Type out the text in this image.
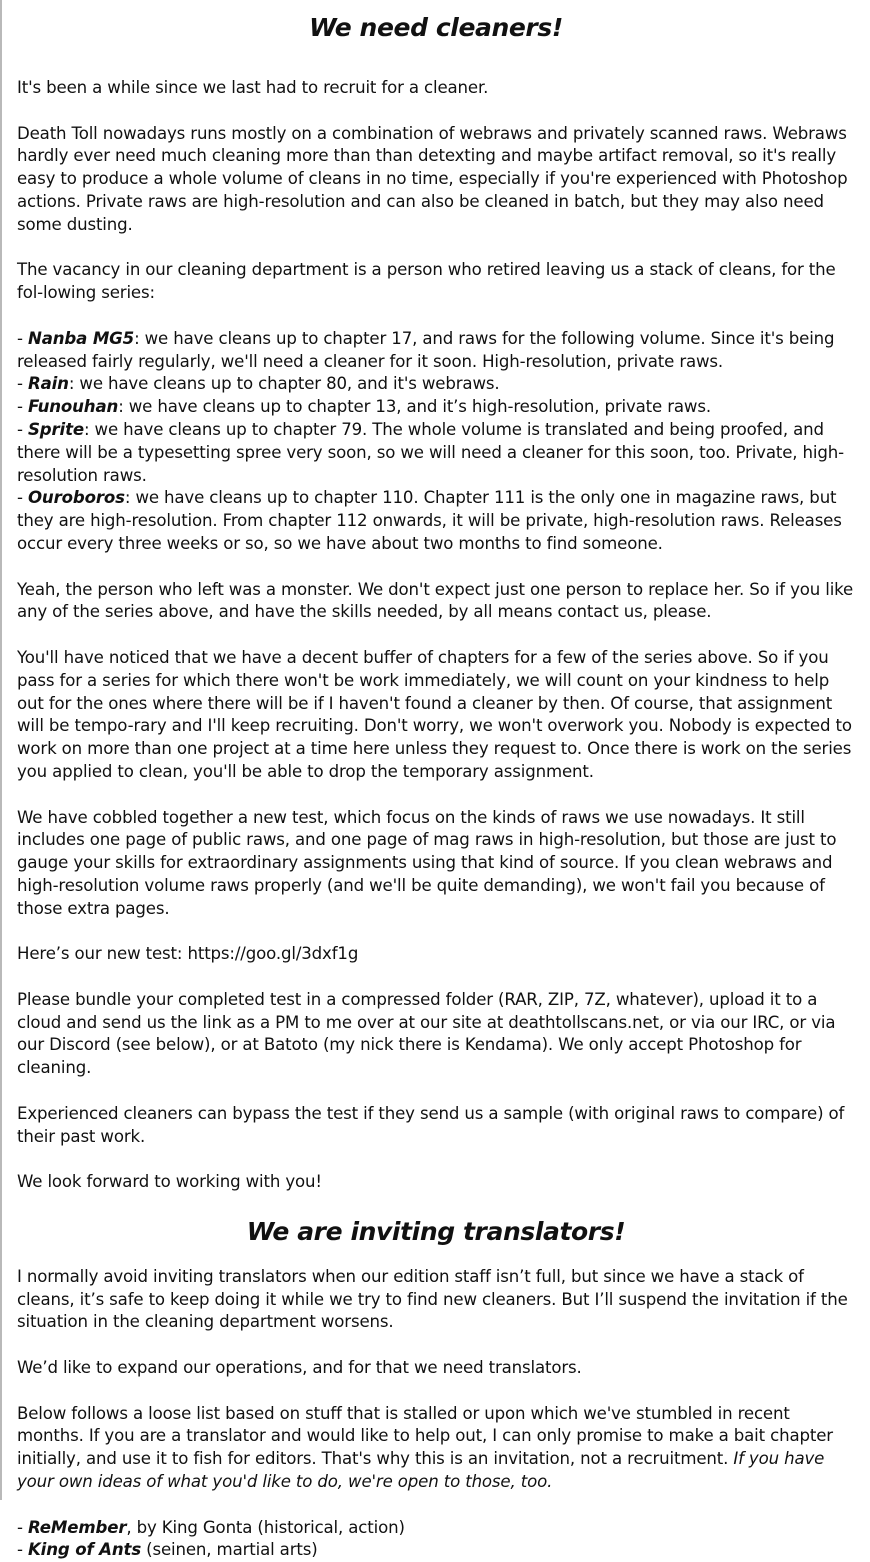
We need cleaners!

It's been a while since we last had to recruit for a cleaner.

Death Toll nowadays runs mostly on a combination of webraws and privately scanned raws. Webraws hardly ever need much cleaning more than than detexting and maybe artifact removal, so it's really easy to produce a whole volume of cleans in no time, especially if you're experienced with Photoshop actions. Private raws are high-resolution and can also be cleaned in batch, but they may also need some dusting.

The vacancy in our cleaning department is a person who retired leaving us a stack of cleans, for the fol-lowing series:

- Nanba MG5: we have cleans up to chapter 17, and raws for the following volume. Since it's being released fairly regularly, we'll need a cleaner for it soon. High-resolution, private raws.

- Rain: we have cleans up to chapter 80, and it's webraws.

- Funouhan: we have cleans up to chapter 13, and it’s high-resolution, private raws.

- Sprite: we have cleans up to chapter 79. The whole volume is translated and being proofed, and there will be a typesetting spree very soon, so we will need a cleaner for this soon, too. Private, high-resolution raws.

- Ouroboros: we have cleans up to chapter 110. Chapter 111 is the only one in magazine raws, but they are high-resolution. From chapter 112 onwards, it will be private, high-resolution raws. Releases occur every three weeks or so, so we have about two months to find someone.

Yeah, the person who left was a monster. We don't expect just one person to replace her. So if you like any of the series above, and have the skills needed, by all means contact us, please.

You'll have noticed that we have a decent buffer of chapters for a few of the series above. So if you pass for a series for which there won't be work immediately, we will count on your kindness to help out for the ones where there will be if I haven't found a cleaner by then. Of course, that assignment will be tempo-rary and I'll keep recruiting. Don't worry, we won't overwork you. Nobody is expected to work on more than one project at a time here unless they request to. Once there is work on the series you applied to clean, you'll be able to drop the temporary assignment.

We have cobbled together a new test, which focus on the kinds of raws we use nowadays. It still includes one page of public raws, and one page of mag raws in high-resolution, but those are just to gauge your skills for extraordinary assignments using that kind of source. If you clean webraws and high-resolution volume raws properly (and we'll be quite demanding), we won't fail you because of those extra pages.

Here’s our new test: https://goo.gl/3dxf1g

Please bundle your completed test in a compressed folder (RAR, ZIP, 7Z, whatever), upload it to a cloud and send us the link as a PM to me over at our site at deathtollscans.net, or via our IRC, or via our Discord (see below), or at Batoto (my nick there is Kendama). We only accept Photoshop for cleaning.

Experienced cleaners can bypass the test if they send us a sample (with original raws to compare) of their past work.

We look forward to working with you!

We are inviting translators!

I normally avoid inviting translators when our edition staff isn’t full, but since we have a stack of cleans, it’s safe to keep doing it while we try to find new cleaners. But I’ll suspend the invitation if the situation in the cleaning department worsens.

We’d like to expand our operations, and for that we need translators.

Below follows a loose list based on stuff that is stalled or upon which we've stumbled in recent months. If you are a translator and would like to help out, I can only promise to make a bait chapter initially, and use it to fish for editors. That's why this is an invitation, not a recruitment. If you have your own ideas of what you'd like to do, we're open to those, too.

- ReMember, by King Gonta (historical, action)

- King of Ants (seinen, martial arts)
